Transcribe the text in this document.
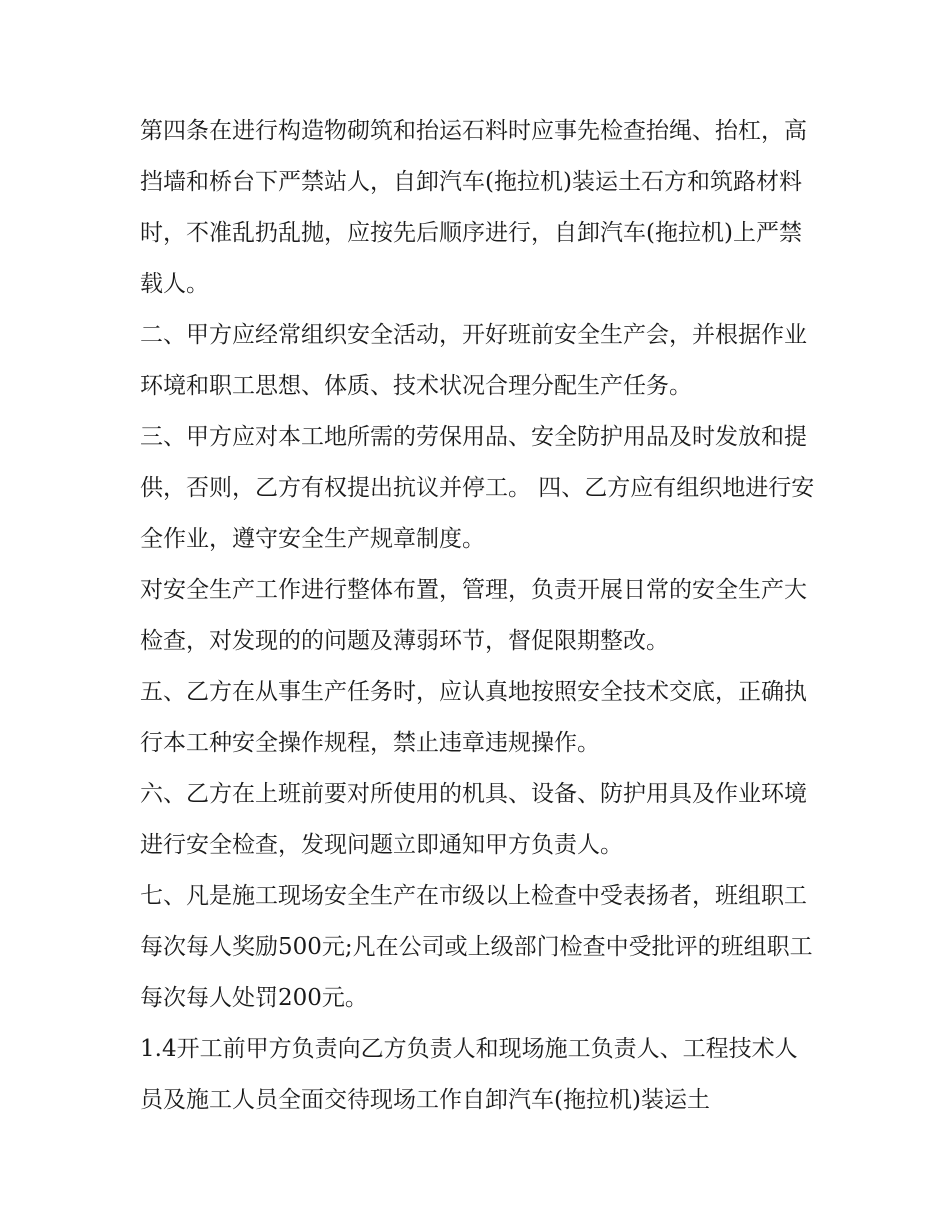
第四条在进行构造物砌筑和抬运石料时应事先检查抬绳、抬杠，高挡墙和桥台下严禁站人，自卸汽车(拖拉机)装运土石方和筑路材料时，不准乱扔乱抛，应按先后顺序进行，自卸汽车(拖拉机)上严禁载人。

二、甲方应经常组织安全活动，开好班前安全生产会，并根据作业环境和职工思想、体质、技术状况合理分配生产任务。

三、甲方应对本工地所需的劳保用品、安全防护用品及时发放和提供，否则，乙方有权提出抗议并停工。 四、乙方应有组织地进行安全作业，遵守安全生产规章制度。

对安全生产工作进行整体布置，管理，负责开展日常的安全生产大检查，对发现的的问题及薄弱环节，督促限期整改。

五、乙方在从事生产任务时，应认真地按照安全技术交底，正确执行本工种安全操作规程，禁止违章违规操作。

六、乙方在上班前要对所使用的机具、设备、防护用具及作业环境进行安全检查，发现问题立即通知甲方负责人。

七、凡是施工现场安全生产在市级以上检查中受表扬者，班组职工每次每人奖励500元;凡在公司或上级部门检查中受批评的班组职工每次每人处罚200元。

1.4开工前甲方负责向乙方负责人和现场施工负责人、工程技术人员及施工人员全面交待现场工作自卸汽车(拖拉机)装运土
